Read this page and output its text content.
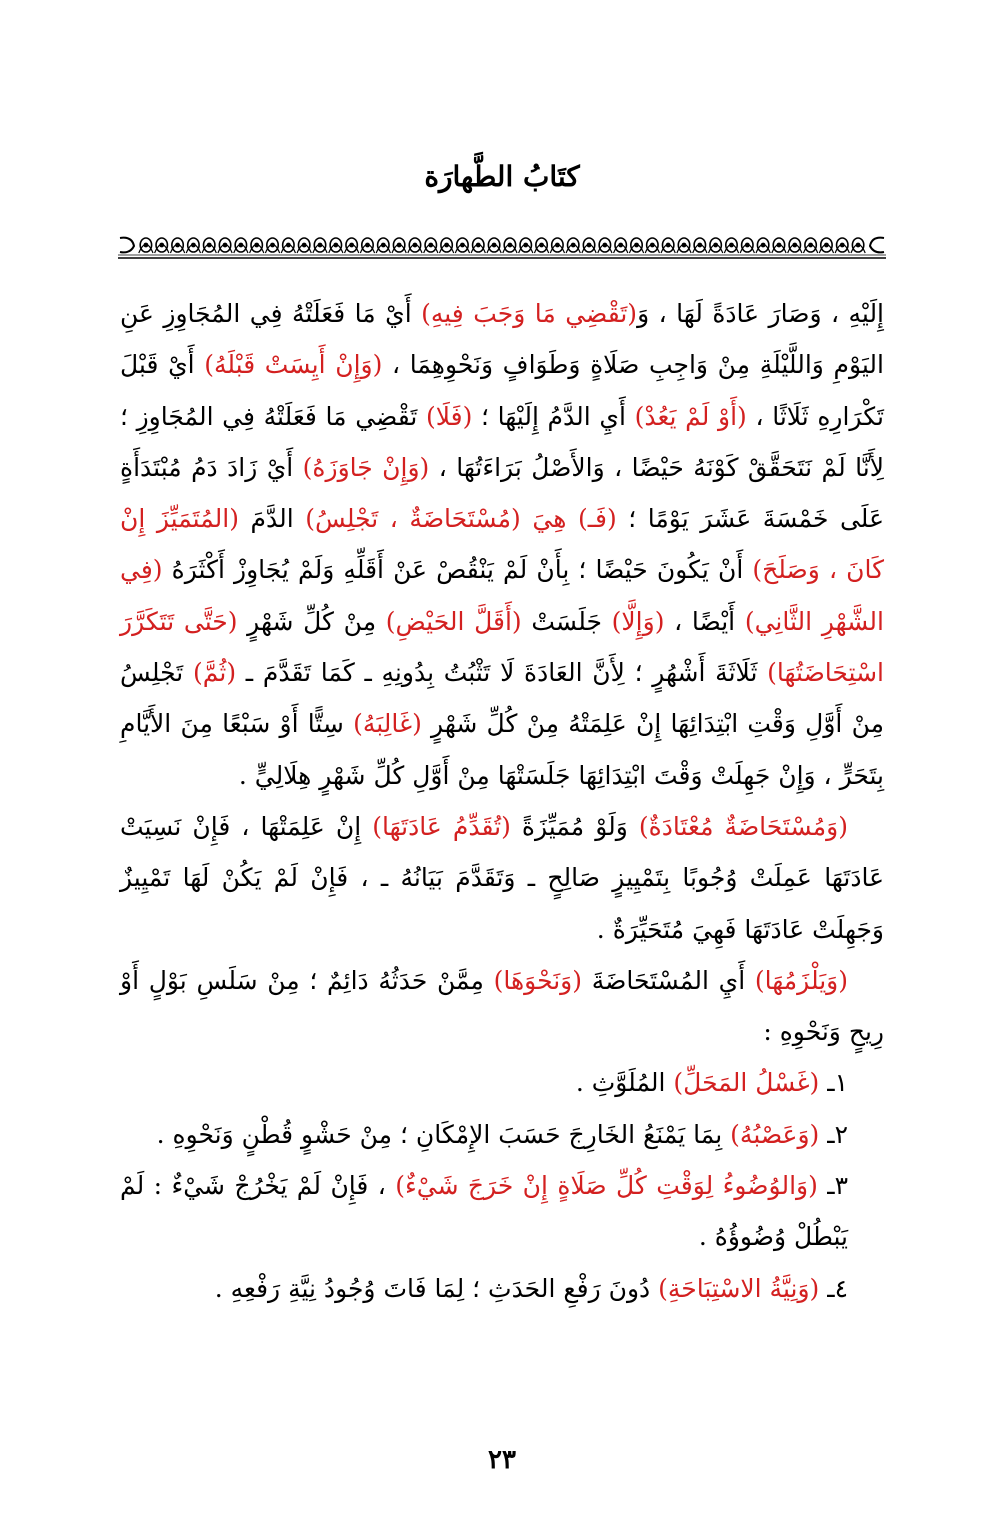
كتَابُ الطَّهارَة

إِلَيْهِ ، وَصَارَ عَادَةً لَهَا ، وَ(تَقْضِي مَا وَجَبَ فِيهِ) أَيْ مَا فَعَلَتْهُ فِي المُجَاوِزِ عَنِ اليَوْمِ وَاللَّيْلَةِ مِنْ وَاجِبِ صَلَاةٍ وَطَوَافٍ وَنَحْوِهِمَا ، (وَإِنْ أَيِسَتْ قَبْلَهُ) أَيْ قَبْلَ تَكْرَارِهِ ثَلَاثًا ، (أَوْ لَمْ يَعُدْ) أَيِ الدَّمُ إِلَيْهَا ؛ (فَلَا) تَقْضِي مَا فَعَلَتْهُ فِي المُجَاوِزِ ؛ لِأَنَّا لَمْ نَتَحَقَّقْ كَوْنَهُ حَيْضًا ، وَالأَصْلُ بَرَاءَتُهَا ، (وَإِنْ جَاوَزَهُ) أَيْ زَادَ دَمُ مُبْتَدَأَةٍ عَلَى خَمْسَةَ عَشَرَ يَوْمًا ؛ (فَـ) هِيَ (مُسْتَحَاضَةٌ ، تَجْلِسُ) الدَّمَ (المُتَمَيِّزَ إِنْ كَانَ ، وَصَلَحَ) أَنْ يَكُونَ حَيْضًا ؛ بِأَنْ لَمْ يَنْقُصْ عَنْ أَقَلِّهِ وَلَمْ يُجَاوِزْ أَكْثَرَهُ (فِي الشَّهْرِ الثَّانِي) أَيْضًا ، (وَإِلَّا) جَلَسَتْ (أَقَلَّ الحَيْضِ) مِنْ كُلِّ شَهْرٍ (حَتَّى تَتَكَرَّرَ اسْتِحَاضَتُهَا) ثَلَاثَةَ أَشْهُرٍ ؛ لِأَنَّ العَادَةَ لَا تَثْبُتُ بِدُونِهِ ـ كَمَا تَقَدَّمَ ـ (ثُمَّ) تَجْلِسُ مِنْ أَوَّلِ وَقْتِ ابْتِدَائِهَا إِنْ عَلِمَتْهُ مِنْ كُلِّ شَهْرٍ (غَالِبَهُ) سِتًّا أَوْ سَبْعًا مِنَ الأَيَّامِ بِتَحَرٍّ ، وَإِنْ جَهِلَتْ وَقْتَ ابْتِدَائِهَا جَلَسَتْهَا مِنْ أَوَّلِ كُلِّ شَهْرٍ هِلَالِيٍّ .

(وَمُسْتَحَاضَةٌ مُعْتَادَةٌ) وَلَوْ مُمَيِّزَةً (تُقَدِّمُ عَادَتَهَا) إِنْ عَلِمَتْهَا ، فَإِنْ نَسِيَتْ عَادَتَهَا عَمِلَتْ وُجُوبًا بِتَمْيِيزٍ صَالِحٍ ـ وَتَقَدَّمَ بَيَانُهُ ـ ، فَإِنْ لَمْ يَكُنْ لَهَا تَمْيِيزٌ وَجَهِلَتْ عَادَتَهَا فَهِيَ مُتَحَيِّرَةٌ .

(وَيَلْزَمُهَا) أَيِ المُسْتَحَاضَةَ (وَنَحْوَهَا) مِمَّنْ حَدَثُهُ دَائِمٌ ؛ مِنْ سَلَسِ بَوْلٍ أَوْ رِيحٍ وَنَحْوِهِ :

١ـ (غَسْلُ المَحَلِّ) المُلَوَّثِ .

٢ـ (وَعَصْبُهُ) بِمَا يَمْنَعُ الخَارِجَ حَسَبَ الإِمْكَانِ ؛ مِنْ حَشْوٍ قُطْنٍ وَنَحْوِهِ .

٣ـ (وَالوُضُوءُ لِوَقْتِ كُلِّ صَلَاةٍ إِنْ خَرَجَ شَيْءٌ) ، فَإِنْ لَمْ يَخْرُجْ شَيْءٌ : لَمْ يَبْطُلْ وُضُوؤُهُ .

٤ـ (وَنِيَّةُ الاسْتِبَاحَةِ) دُونَ رَفْعِ الحَدَثِ ؛ لِمَا فَاتَ وُجُودُ نِيَّةِ رَفْعِهِ .

٢٣
